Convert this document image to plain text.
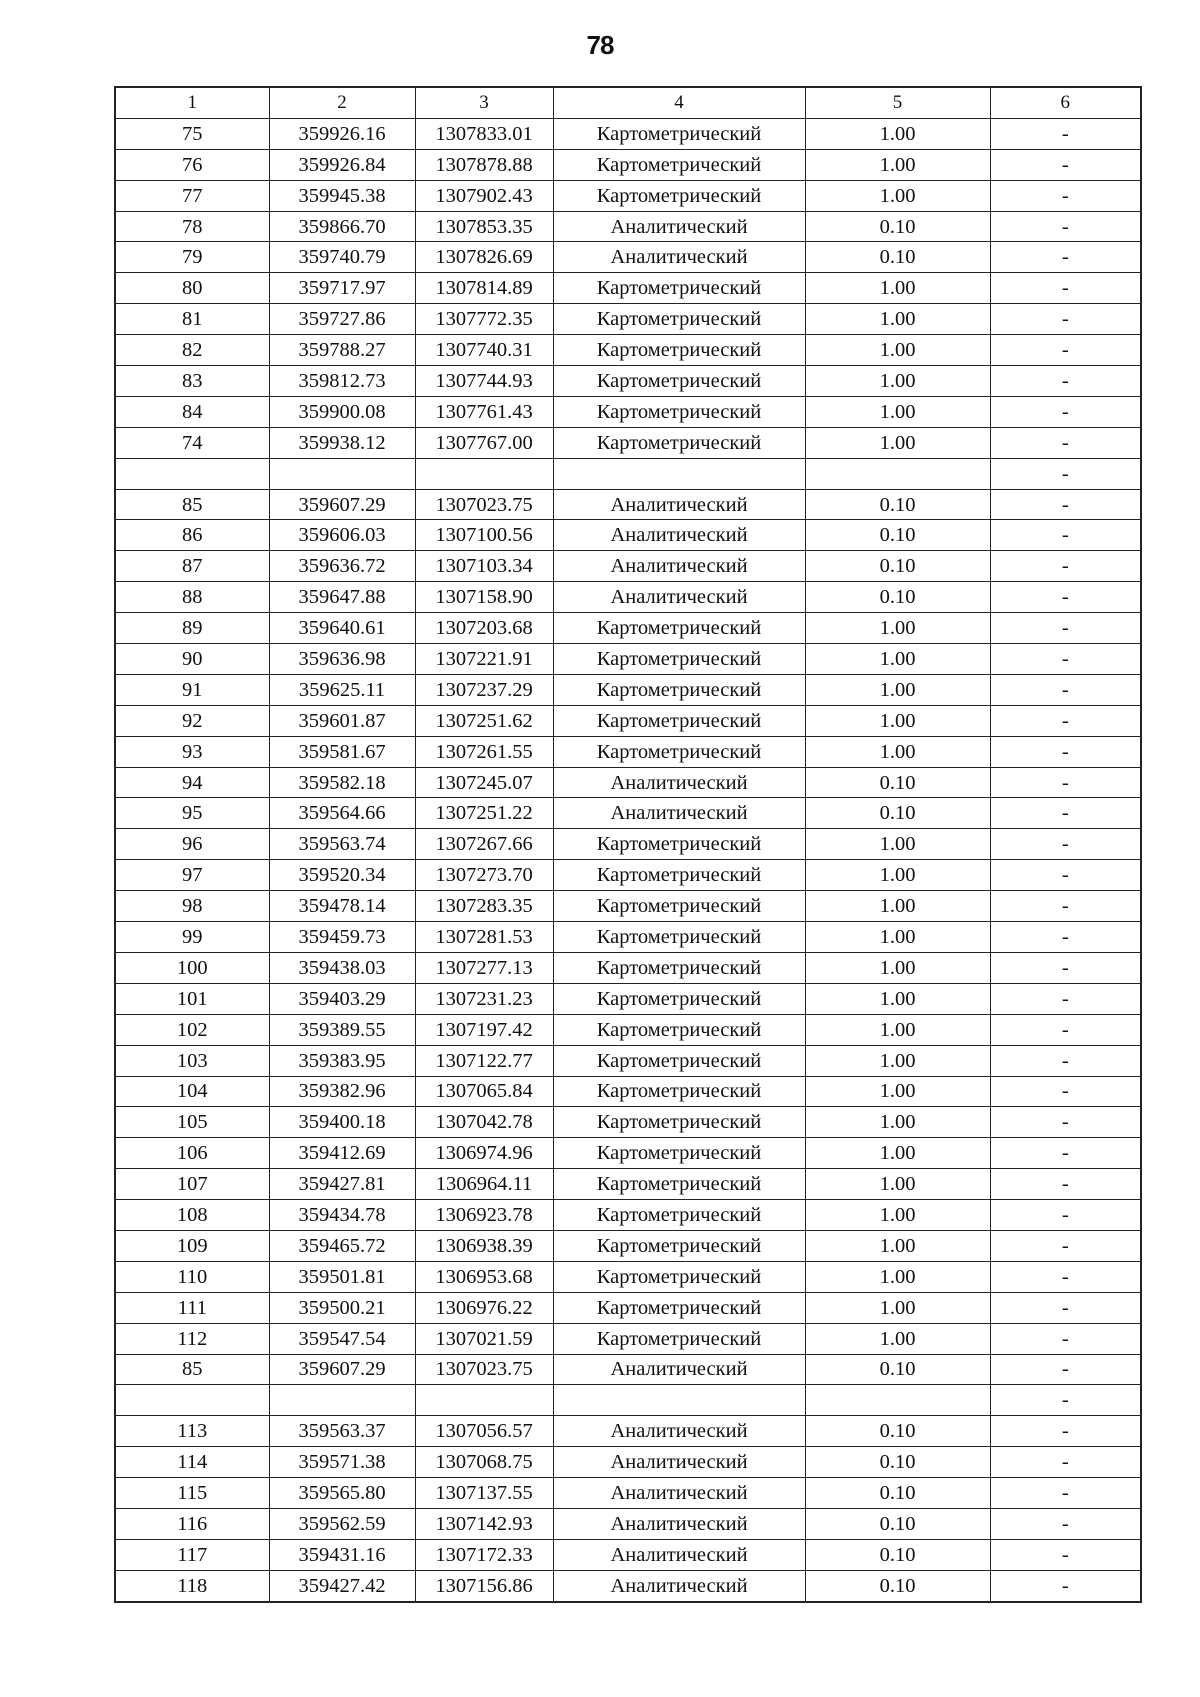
78
1	2	3	4	5	6
75	359926.16	1307833.01	Картометрический	1.00	-
76	359926.84	1307878.88	Картометрический	1.00	-
77	359945.38	1307902.43	Картометрический	1.00	-
78	359866.70	1307853.35	Аналитический	0.10	-
79	359740.79	1307826.69	Аналитический	0.10	-
80	359717.97	1307814.89	Картометрический	1.00	-
81	359727.86	1307772.35	Картометрический	1.00	-
82	359788.27	1307740.31	Картометрический	1.00	-
83	359812.73	1307744.93	Картометрический	1.00	-
84	359900.08	1307761.43	Картометрический	1.00	-
74	359938.12	1307767.00	Картометрический	1.00	-
					-
85	359607.29	1307023.75	Аналитический	0.10	-
86	359606.03	1307100.56	Аналитический	0.10	-
87	359636.72	1307103.34	Аналитический	0.10	-
88	359647.88	1307158.90	Аналитический	0.10	-
89	359640.61	1307203.68	Картометрический	1.00	-
90	359636.98	1307221.91	Картометрический	1.00	-
91	359625.11	1307237.29	Картометрический	1.00	-
92	359601.87	1307251.62	Картометрический	1.00	-
93	359581.67	1307261.55	Картометрический	1.00	-
94	359582.18	1307245.07	Аналитический	0.10	-
95	359564.66	1307251.22	Аналитический	0.10	-
96	359563.74	1307267.66	Картометрический	1.00	-
97	359520.34	1307273.70	Картометрический	1.00	-
98	359478.14	1307283.35	Картометрический	1.00	-
99	359459.73	1307281.53	Картометрический	1.00	-
100	359438.03	1307277.13	Картометрический	1.00	-
101	359403.29	1307231.23	Картометрический	1.00	-
102	359389.55	1307197.42	Картометрический	1.00	-
103	359383.95	1307122.77	Картометрический	1.00	-
104	359382.96	1307065.84	Картометрический	1.00	-
105	359400.18	1307042.78	Картометрический	1.00	-
106	359412.69	1306974.96	Картометрический	1.00	-
107	359427.81	1306964.11	Картометрический	1.00	-
108	359434.78	1306923.78	Картометрический	1.00	-
109	359465.72	1306938.39	Картометрический	1.00	-
110	359501.81	1306953.68	Картометрический	1.00	-
111	359500.21	1306976.22	Картометрический	1.00	-
112	359547.54	1307021.59	Картометрический	1.00	-
85	359607.29	1307023.75	Аналитический	0.10	-
					-
113	359563.37	1307056.57	Аналитический	0.10	-
114	359571.38	1307068.75	Аналитический	0.10	-
115	359565.80	1307137.55	Аналитический	0.10	-
116	359562.59	1307142.93	Аналитический	0.10	-
117	359431.16	1307172.33	Аналитический	0.10	-
118	359427.42	1307156.86	Аналитический	0.10	-
